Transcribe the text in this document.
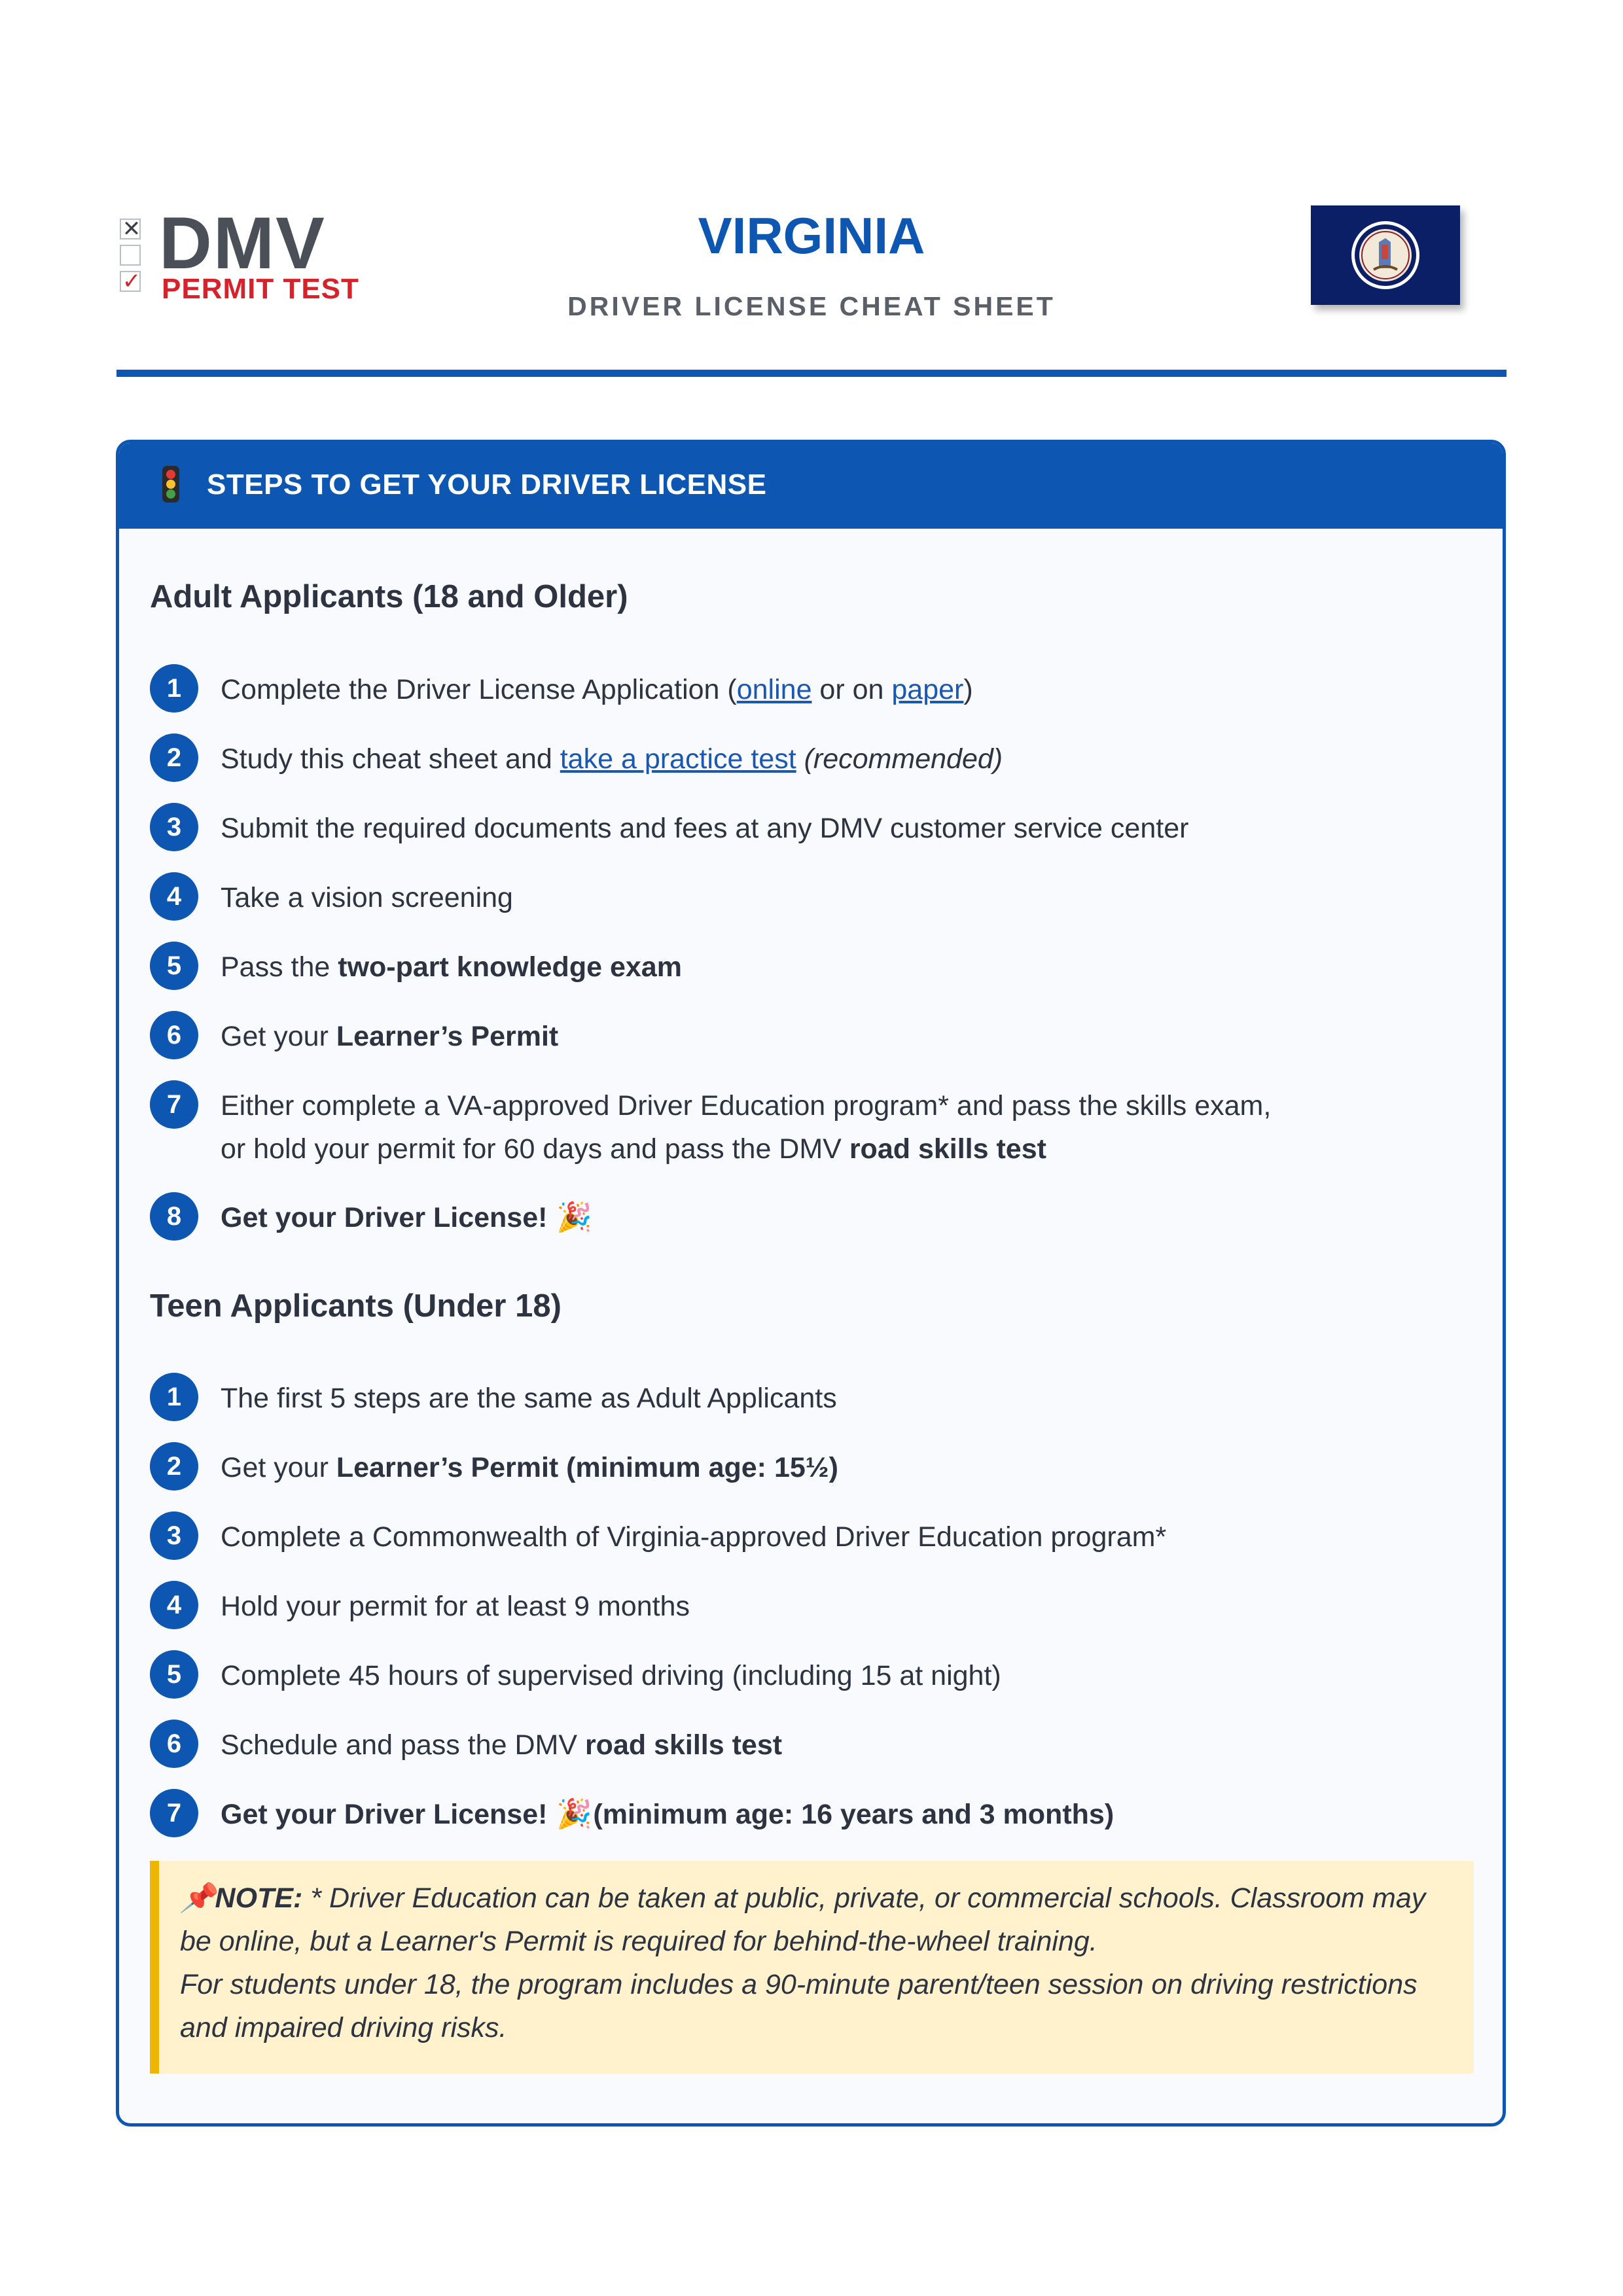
✕
✓ DMV
PERMIT TEST
VIRGINIA
DRIVER LICENSE CHEAT SHEET
STEPS TO GET YOUR DRIVER LICENSE
Adult Applicants (18 and Older)
1	Complete the Driver License Application (online or on paper)
2	Study this cheat sheet and take a practice test (recommended)
3	Submit the required documents and fees at any DMV customer service center
4	Take a vision screening
5	Pass the two-part knowledge exam
6	Get your Learner’s Permit
7	Either complete a VA-approved Driver Education program* and pass the skills exam,
or hold your permit for 60 days and pass the DMV road skills test
8	Get your Driver License! 🎉
Teen Applicants (Under 18)
1	The first 5 steps are the same as Adult Applicants
2	Get your Learner’s Permit (minimum age: 15½)
3	Complete a Commonwealth of Virginia-approved Driver Education program*
4	Hold your permit for at least 9 months
5	Complete 45 hours of supervised driving (including 15 at night)
6	Schedule and pass the DMV road skills test
7	Get your Driver License! 🎉(minimum age: 16 years and 3 months)

📌NOTE: * Driver Education can be taken at public, private, or commercial schools. Classroom may

be online, but a Learner's Permit is required for behind-the-wheel training.

For students under 18, the program includes a 90-minute parent/teen session on driving restrictions

and impaired driving risks.
